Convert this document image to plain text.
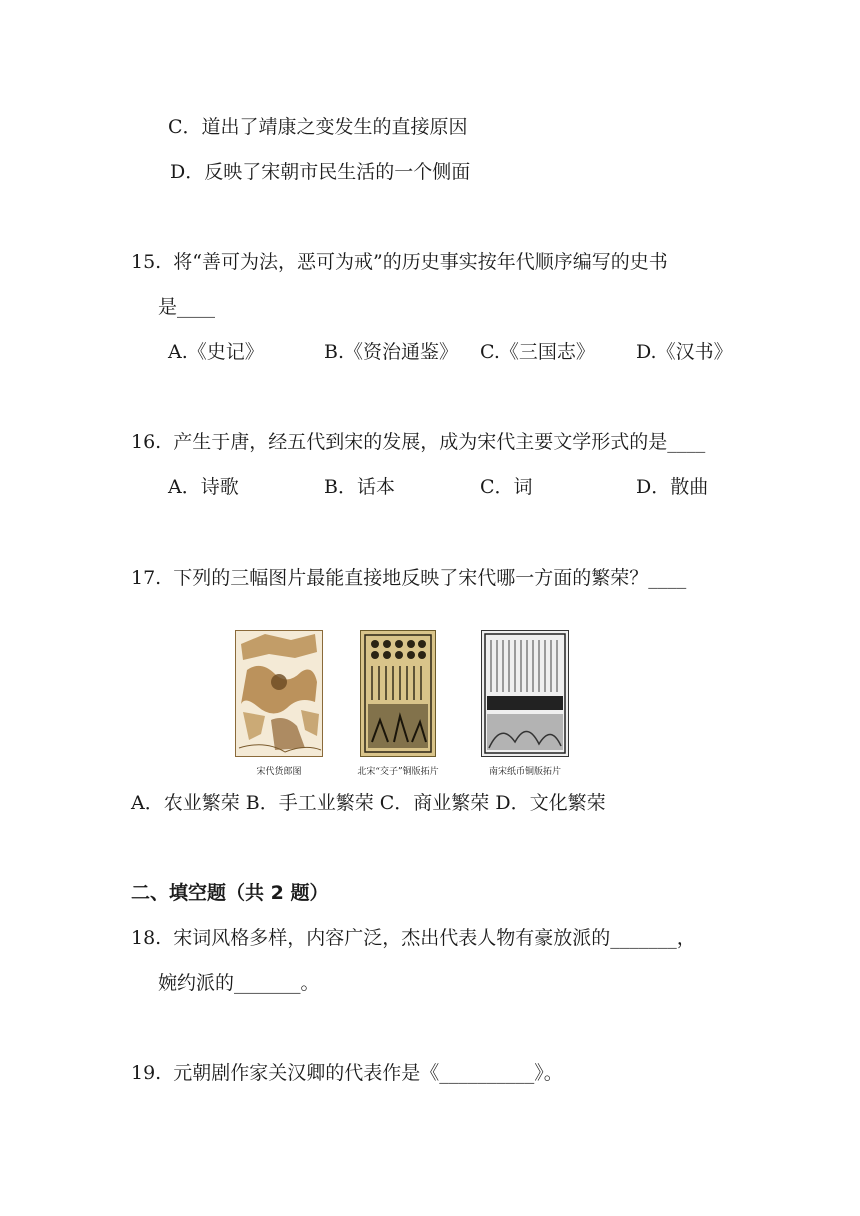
C．道出了靖康之变发生的直接原因
D．反映了宋朝市民生活的一个侧面
15.  将“善可为法，恶可为戒”的历史事实按年代顺序编写的史书
是____
A.《史记》	B.《资治通鉴》 C.《三国志》 D.《汉书》
16.  产生于唐，经五代到宋的发展，成为宋代主要文学形式的是____
A．诗歌	B．话本	C．词	D．散曲
17.  下列的三幅图片最能直接地反映了宋代哪一方面的繁荣？____
宋代货郎图	北宋“交子”铜版拓片	南宋纸币铜版拓片
A．农业繁荣 B．手工业繁荣 C．商业繁荣 D．文化繁荣
二、填空题（共 2 题）
18.  宋词风格多样，内容广泛，杰出代表人物有豪放派的_______，
婉约派的_______。
19.  元朝剧作家关汉卿的代表作是《__________》。
